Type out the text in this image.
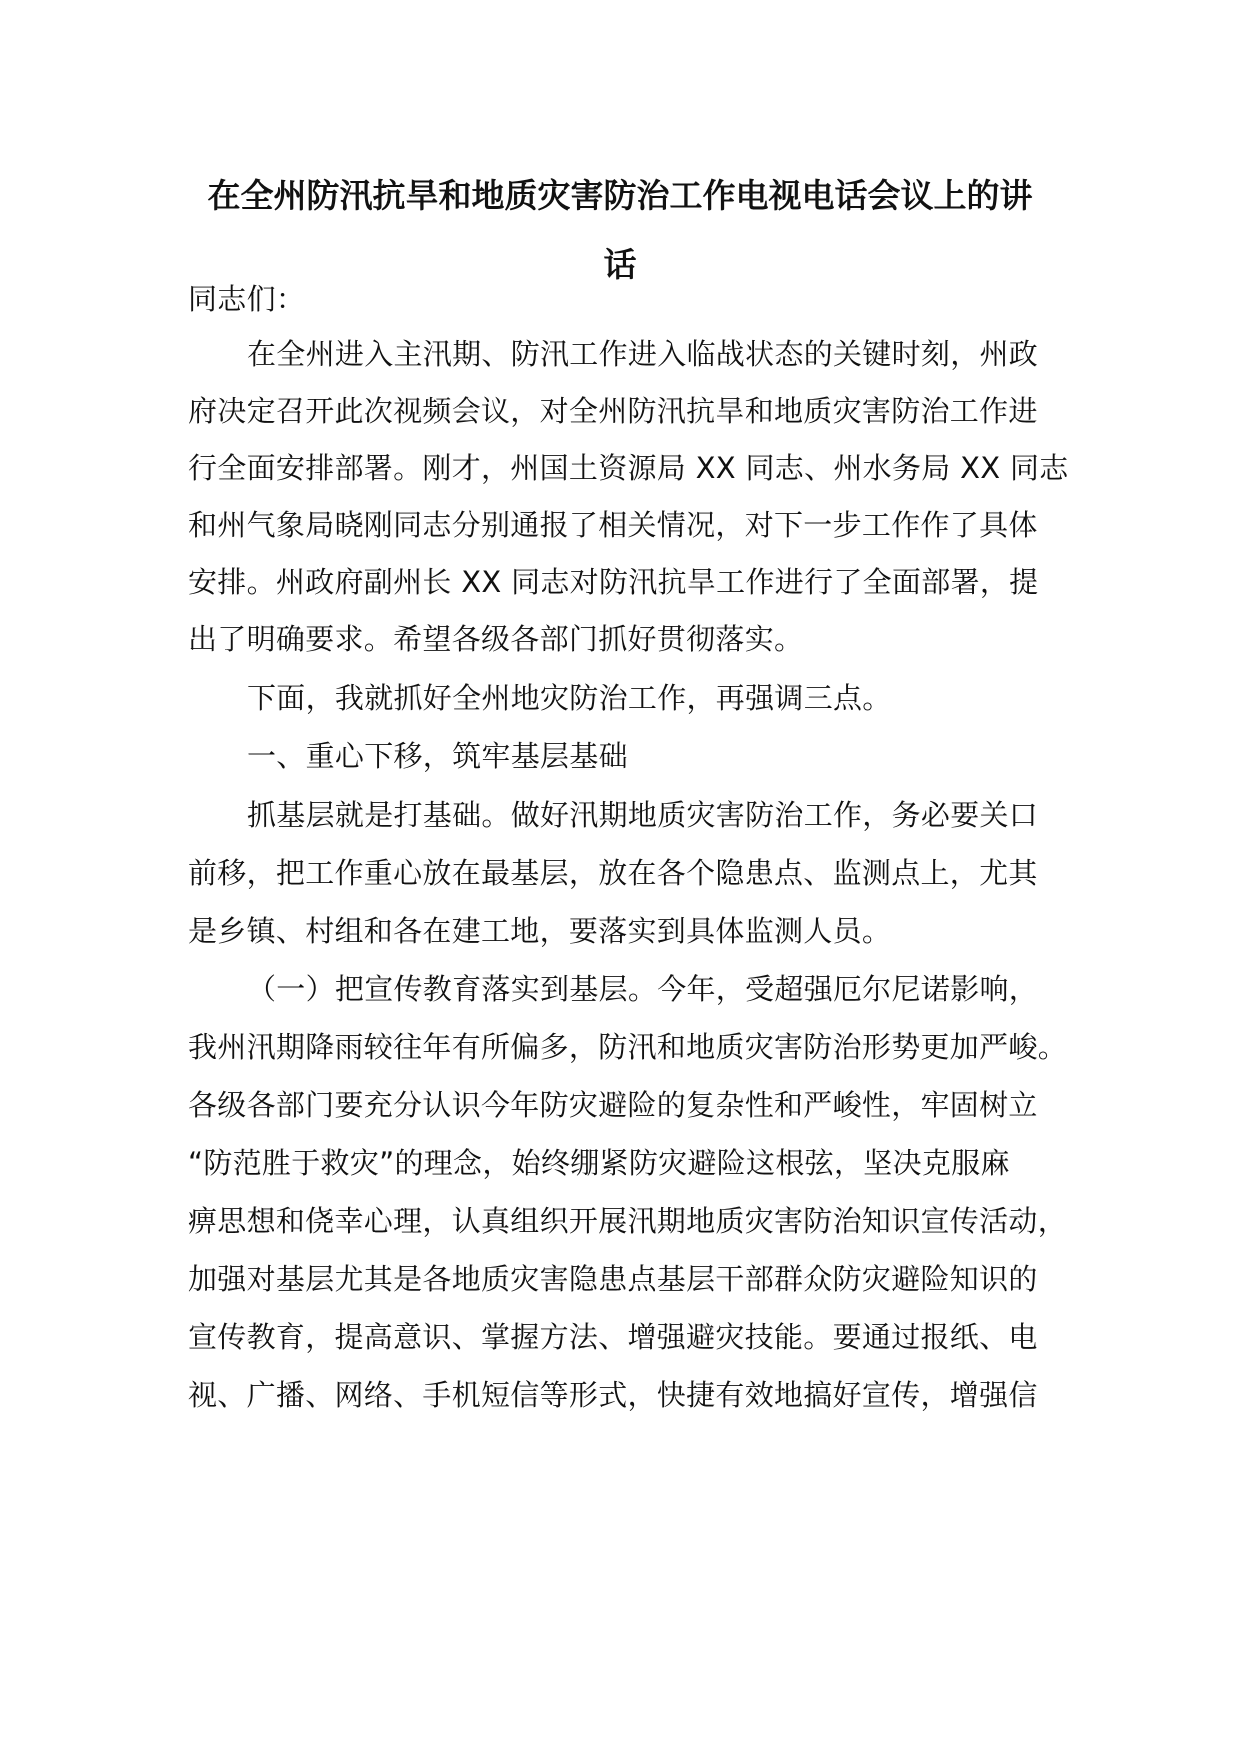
在全州防汛抗旱和地质灾害防治工作电视电话会议上的讲
话
同志们：
在全州进入主汛期、防汛工作进入临战状态的关键时刻，州政
府决定召开此次视频会议，对全州防汛抗旱和地质灾害防治工作进
行全面安排部署。刚才，州国土资源局 XX 同志、州水务局 XX 同志
和州气象局晓刚同志分别通报了相关情况，对下一步工作作了具体
安排。州政府副州长 XX 同志对防汛抗旱工作进行了全面部署，提
出了明确要求。希望各级各部门抓好贯彻落实。
下面，我就抓好全州地灾防治工作，再强调三点。
一、重心下移，筑牢基层基础
抓基层就是打基础。做好汛期地质灾害防治工作，务必要关口
前移，把工作重心放在最基层，放在各个隐患点、监测点上，尤其
是乡镇、村组和各在建工地，要落实到具体监测人员。
（一）把宣传教育落实到基层。今年，受超强厄尔尼诺影响，
我州汛期降雨较往年有所偏多，防汛和地质灾害防治形势更加严峻。
各级各部门要充分认识今年防灾避险的复杂性和严峻性，牢固树立
“防范胜于救灾”的理念，始终绷紧防灾避险这根弦，坚决克服麻
痹思想和侥幸心理，认真组织开展汛期地质灾害防治知识宣传活动，
加强对基层尤其是各地质灾害隐患点基层干部群众防灾避险知识的
宣传教育，提高意识、掌握方法、增强避灾技能。要通过报纸、电
视、广播、网络、手机短信等形式，快捷有效地搞好宣传，增强信
